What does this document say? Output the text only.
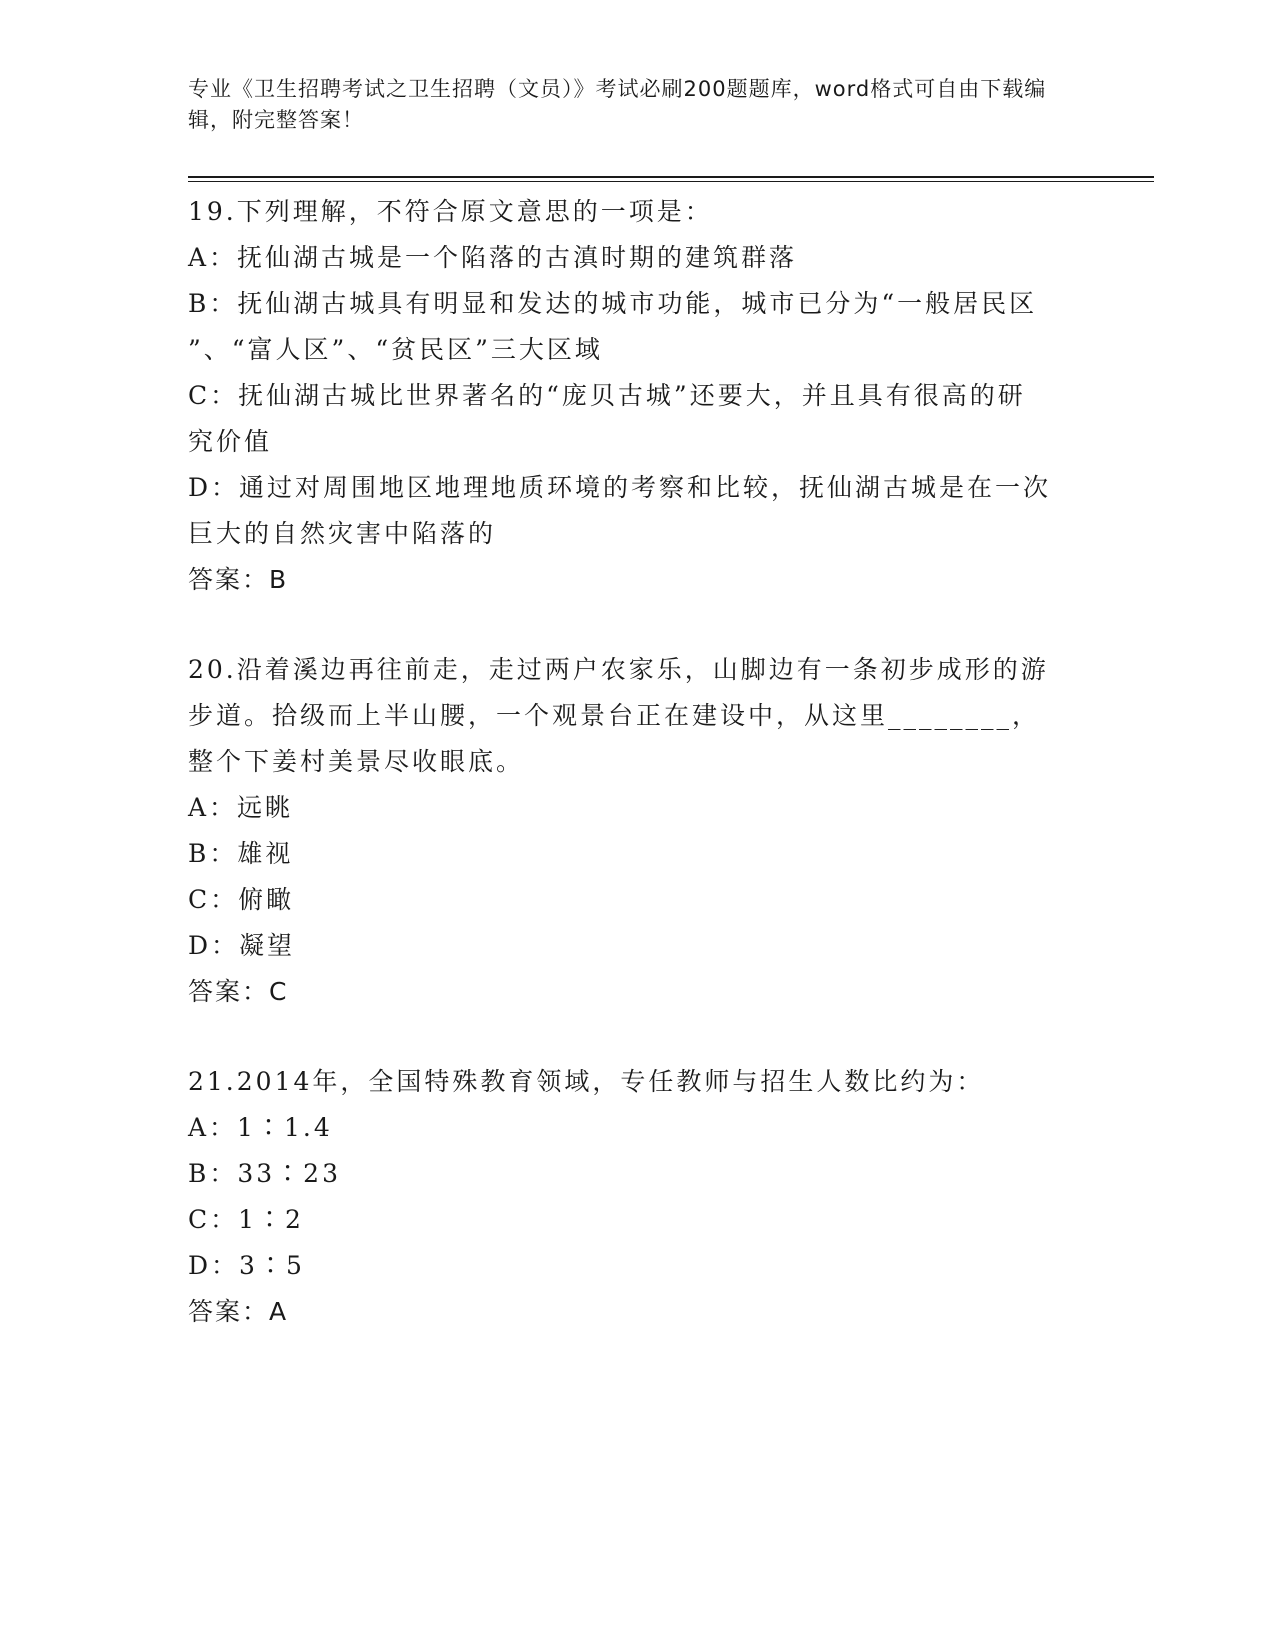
专业《卫生招聘考试之卫生招聘（文员）》考试必刷200题题库，word格式可自由下载编辑，附完整答案！
19.下列理解，不符合原文意思的一项是：
A：抚仙湖古城是一个陷落的古滇时期的建筑群落
B：抚仙湖古城具有明显和发达的城市功能，城市已分为“一般居民区
”、“富人区”、“贫民区”三大区域
C：抚仙湖古城比世界著名的“庞贝古城”还要大，并且具有很高的研
究价值
D：通过对周围地区地理地质环境的考察和比较，抚仙湖古城是在一次
巨大的自然灾害中陷落的
答案：B
20.沿着溪边再往前走，走过两户农家乐，山脚边有一条初步成形的游
步道。拾级而上半山腰，一个观景台正在建设中，从这里________，
整个下姜村美景尽收眼底。
A：远眺
B：雄视
C：俯瞰
D：凝望
答案：C
21.2014年，全国特殊教育领域，专任教师与招生人数比约为：
A：1∶1.4
B：33∶23
C：1∶2
D：3∶5
答案：A
